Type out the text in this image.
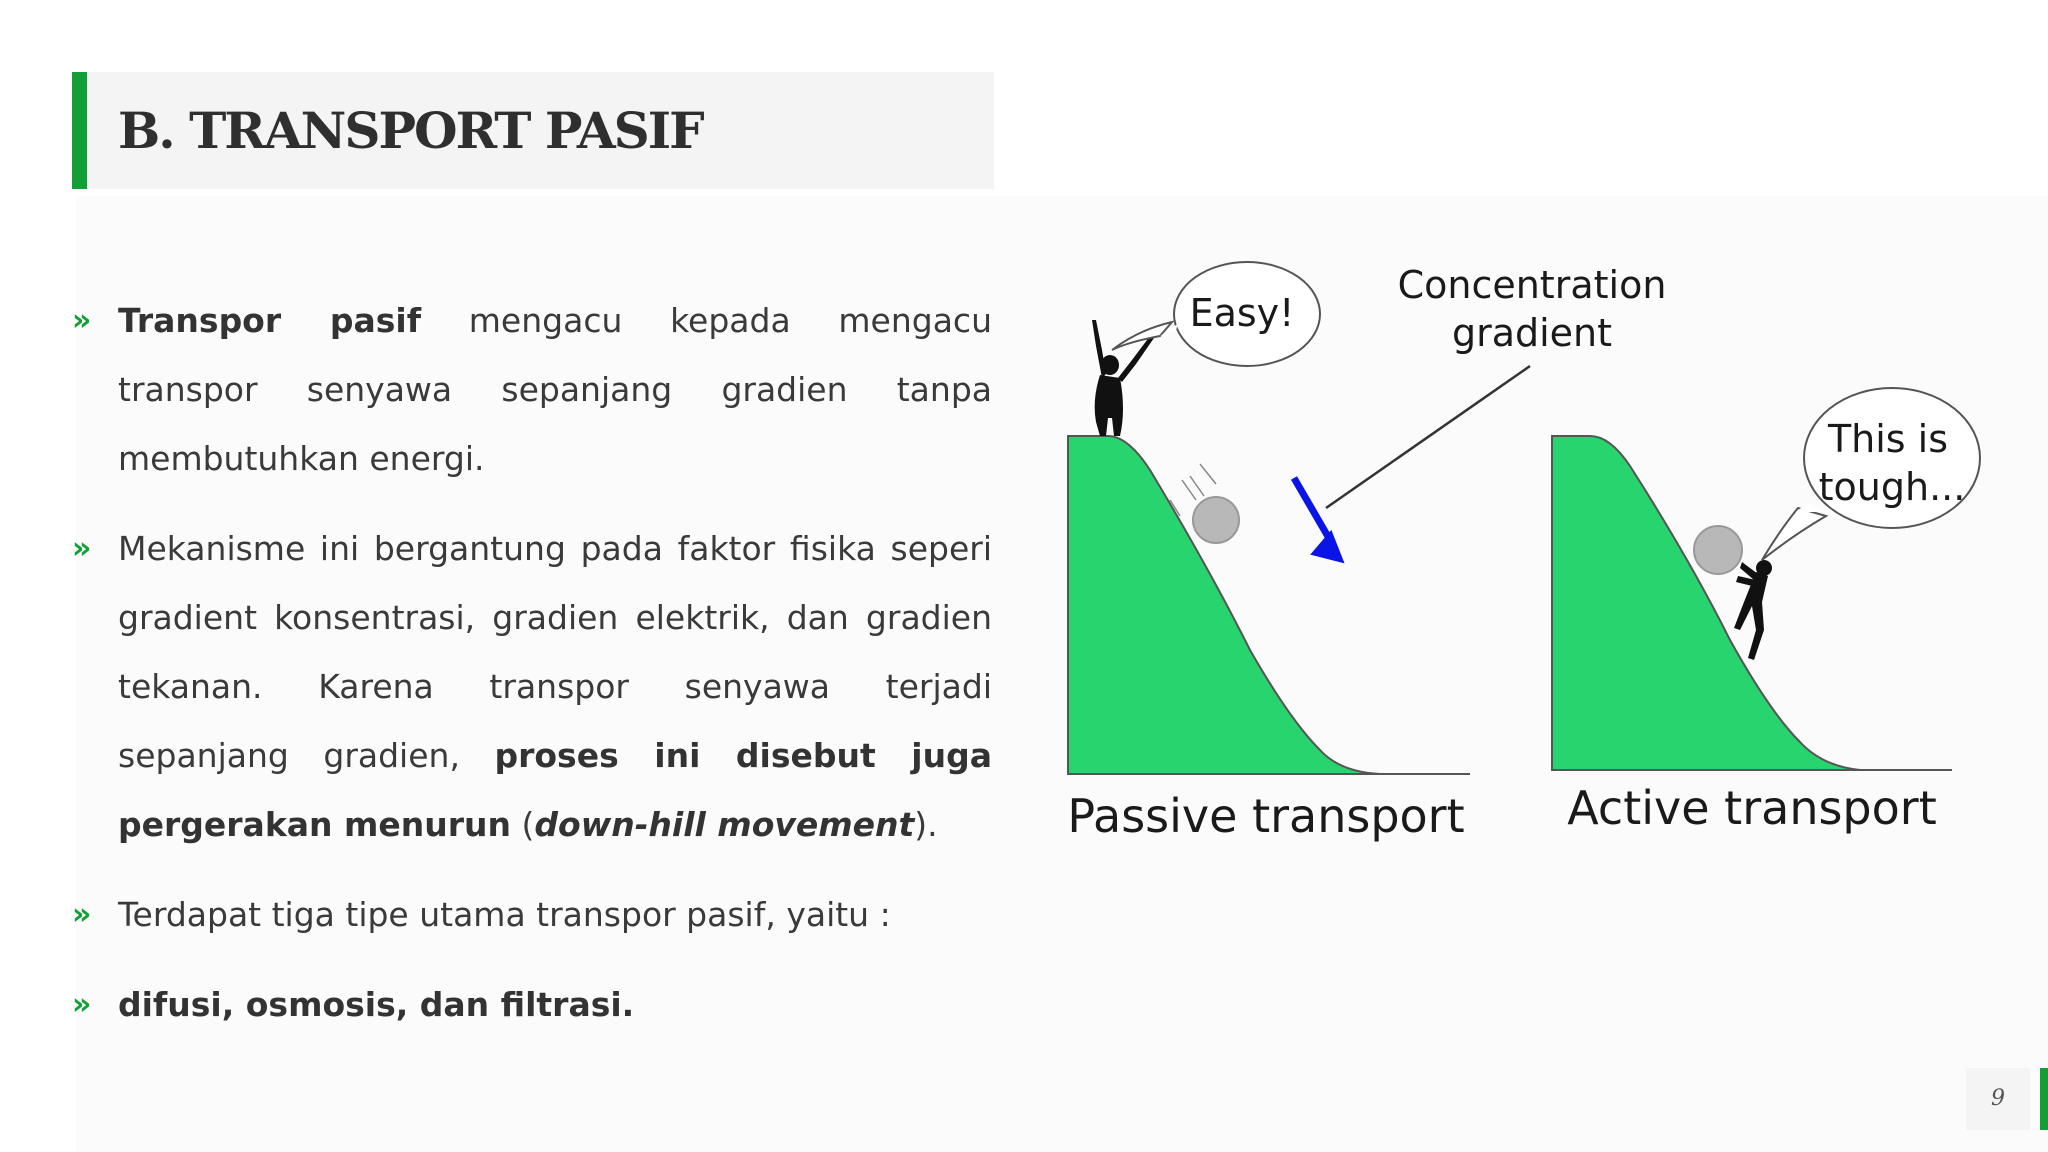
B. TRANSPORT PASIF
» Transpor pasif mengacu kepada mengacu transpor senyawa sepanjang gradien tanpa membutuhkan energi.
» Mekanisme ini bergantung pada faktor fisika seperi gradient konsentrasi, gradien elektrik, dan gradien tekanan. Karena transpor senyawa terjadi sepanjang gradien, proses ini disebut juga pergerakan menurun (down-hill movement).
» Terdapat tiga tipe utama transpor pasif, yaitu :
» difusi, osmosis, dan filtrasi.
Easy!
Concentration
gradient
Passive transport
This is
tough...
Active transport
9
